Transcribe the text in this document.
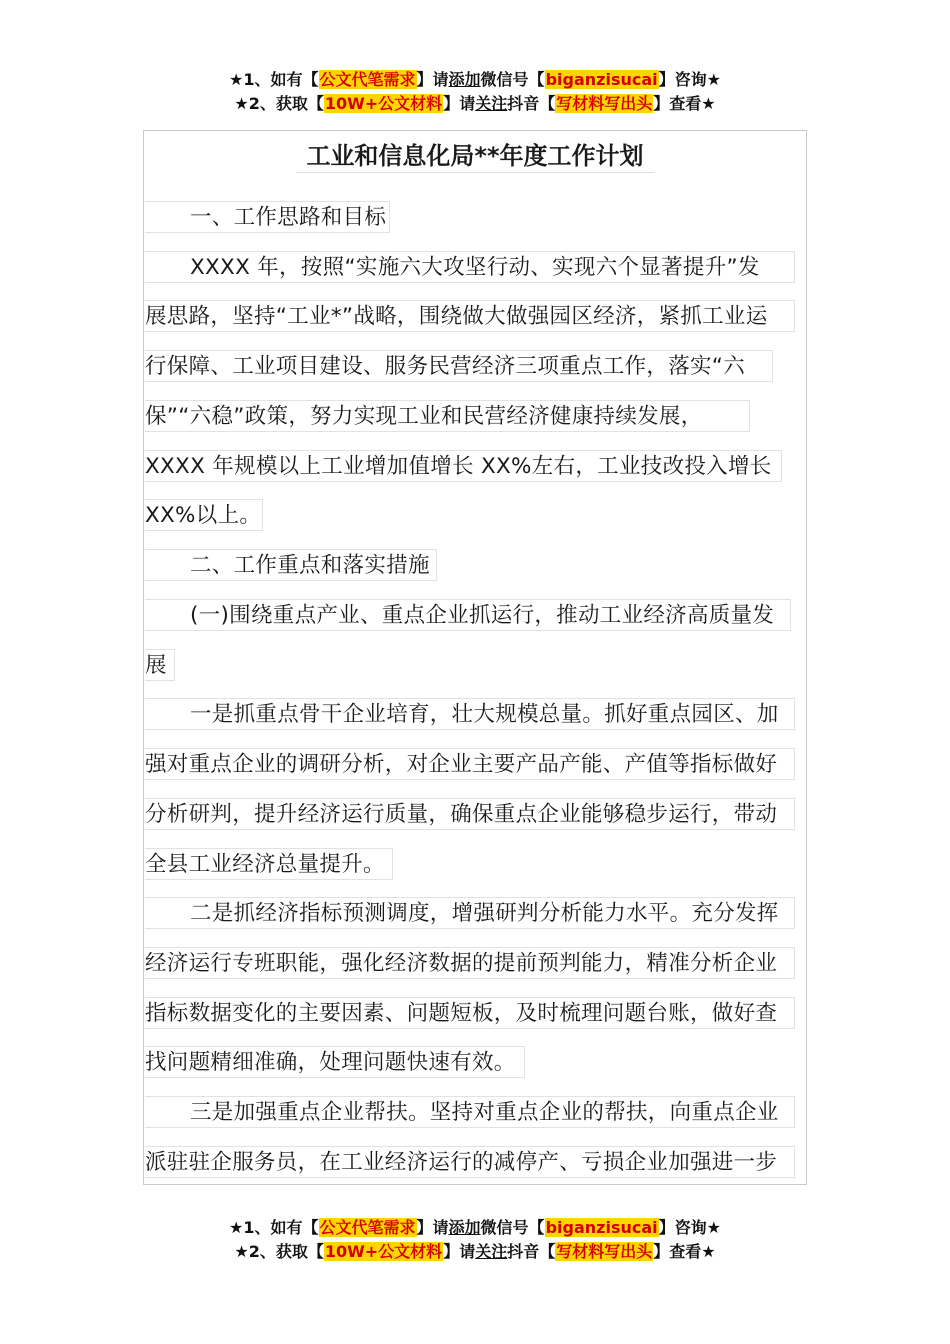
★1、如有【公文代笔需求】请添加微信号【biganzisucai】咨询★
★2、获取【10W+公文材料】请关注抖音【写材料写出头】查看★
工业和信息化局**年度工作计划
一、工作思路和目标
XXXX 年，按照“实施六大攻坚行动、实现六个显著提升”发
展思路，坚持“工业*”战略，围绕做大做强园区经济，紧抓工业运
行保障、工业项目建设、服务民营经济三项重点工作，落实“六
保”“六稳”政策，努力实现工业和民营经济健康持续发展，
XXXX 年规模以上工业增加值增长 XX%左右，工业技改投入增长
XX%以上。
二、工作重点和落实措施
(一)围绕重点产业、重点企业抓运行，推动工业经济高质量发
展
一是抓重点骨干企业培育，壮大规模总量。抓好重点园区、加
强对重点企业的调研分析，对企业主要产品产能、产值等指标做好
分析研判，提升经济运行质量，确保重点企业能够稳步运行，带动
全县工业经济总量提升。
二是抓经济指标预测调度，增强研判分析能力水平。充分发挥
经济运行专班职能，强化经济数据的提前预判能力，精准分析企业
指标数据变化的主要因素、问题短板，及时梳理问题台账，做好查
找问题精细准确，处理问题快速有效。
三是加强重点企业帮扶。坚持对重点企业的帮扶，向重点企业
派驻驻企服务员，在工业经济运行的减停产、亏损企业加强进一步
★1、如有【公文代笔需求】请添加微信号【biganzisucai】咨询★
★2、获取【10W+公文材料】请关注抖音【写材料写出头】查看★
